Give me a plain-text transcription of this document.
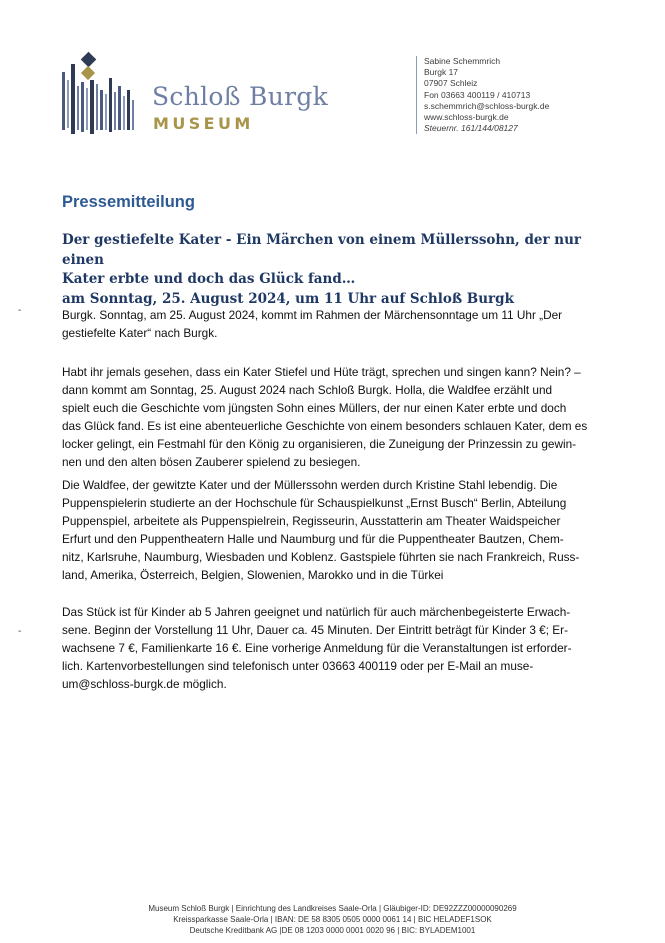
Schloß Burgk
MUSEUM
Sabine Schemmrich
Burgk 17
07907 Schleiz
Fon 03663 400119 / 410713
s.schemmrich@schloss-burgk.de
www.schloss-burgk.de
Steuernr. 161/144/08127
Pressemitteilung
Der gestiefelte Kater - Ein Märchen von einem Müllerssohn, der nur einen
Kater erbte und doch das Glück fand…
am Sonntag, 25. August 2024, um 11 Uhr auf Schloß Burgk
-
-
Burgk. Sonntag, am 25. August 2024, kommt im Rahmen der Märchensonntage um 11 Uhr „Der
gestiefelte Kater“ nach Burgk.
Habt ihr jemals gesehen, dass ein Kater Stiefel und Hüte trägt, sprechen und singen kann? Nein? –
dann kommt am Sonntag, 25. August 2024 nach Schloß Burgk. Holla, die Waldfee erzählt und
spielt euch die Geschichte vom jüngsten Sohn eines Müllers, der nur einen Kater erbte und doch
das Glück fand. Es ist eine abenteuerliche Geschichte von einem besonders schlauen Kater, dem es
locker gelingt, ein Festmahl für den König zu organisieren, die Zuneigung der Prinzessin zu gewin-
nen und den alten bösen Zauberer spielend zu besiegen.
Die Waldfee, der gewitzte Kater und der Müllerssohn werden durch Kristine Stahl lebendig. Die
Puppenspielerin studierte an der Hochschule für Schauspielkunst „Ernst Busch“ Berlin, Abteilung
Puppenspiel, arbeitete als Puppenspielrein, Regisseurin, Ausstatterin am Theater Waidspeicher
Erfurt und den Puppentheatern Halle und Naumburg und für die Puppentheater Bautzen, Chem-
nitz, Karlsruhe, Naumburg, Wiesbaden und Koblenz. Gastspiele führten sie nach Frankreich, Russ-
land, Amerika, Österreich, Belgien, Slowenien, Marokko und in die Türkei
Das Stück ist für Kinder ab 5 Jahren geeignet und natürlich für auch märchenbegeisterte Erwach-
sene. Beginn der Vorstellung 11 Uhr, Dauer ca. 45 Minuten. Der Eintritt beträgt für Kinder 3 €; Er-
wachsene 7 €, Familienkarte 16 €. Eine vorherige Anmeldung für die Veranstaltungen ist erforder-
lich. Kartenvorbestellungen sind telefonisch unter 03663 400119 oder per E-Mail an muse-
um@schloss-burgk.de möglich.
Museum Schloß Burgk | Einrichtung des Landkreises Saale-Orla | Gläubiger-ID: DE92ZZZ00000090269
Kreissparkasse Saale-Orla | IBAN: DE 58 8305 0505 0000 0061 14 | BIC HELADEF1SOK
Deutsche Kreditbank AG |DE 08 1203 0000 0001 0020 96 | BIC: BYLADEM1001
